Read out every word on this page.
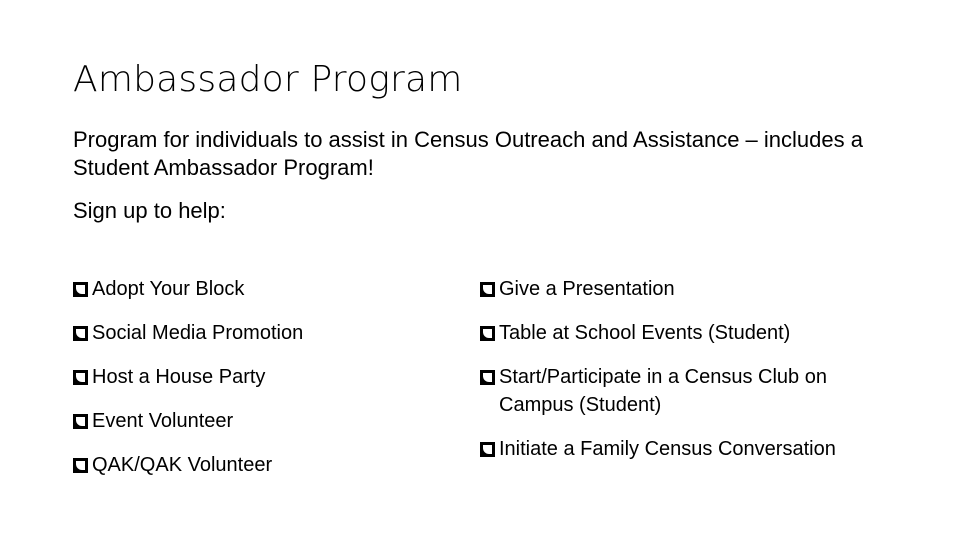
Ambassador Program
Program for individuals to assist in Census Outreach and Assistance – includes a Student Ambassador Program!
Sign up to help:
Adopt Your Block
Social Media Promotion
Host a House Party
Event Volunteer
QAK/QAK Volunteer
Give a Presentation
Table at School Events (Student)
Start/Participate in a Census Club on Campus (Student)
Initiate a Family Census Conversation
